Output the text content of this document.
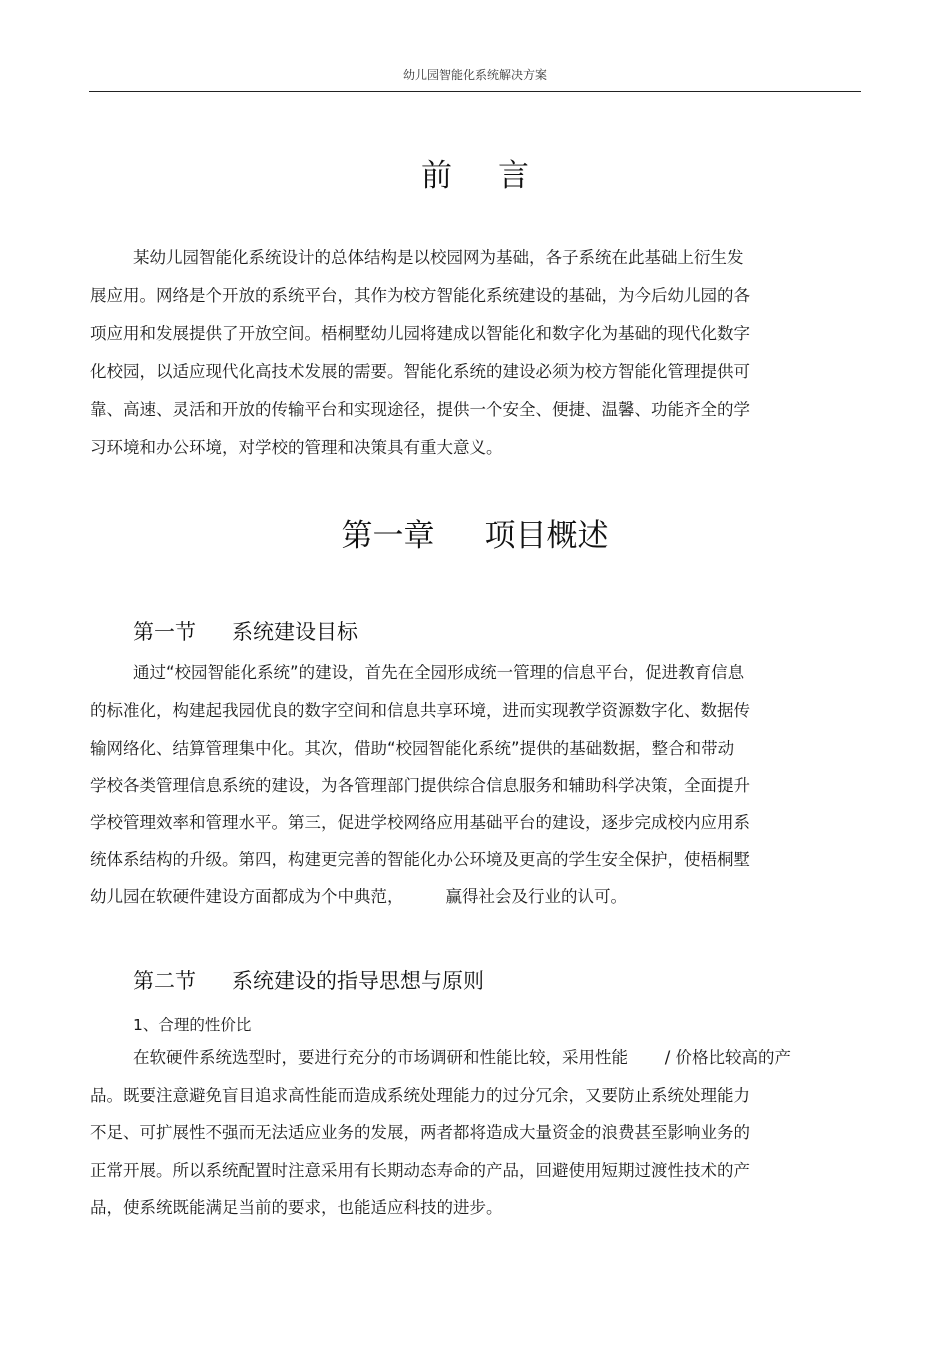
幼儿园智能化系统解决方案
前 言
某幼儿园智能化系统设计的总体结构是以校园网为基础，各子系统在此基础上衍生发
展应用。网络是个开放的系统平台，其作为校方智能化系统建设的基础，为今后幼儿园的各
项应用和发展提供了开放空间。梧桐墅幼儿园将建成以智能化和数字化为基础的现代化数字
化校园，以适应现代化高技术发展的需要。智能化系统的建设必须为校方智能化管理提供可
靠、高速、灵活和开放的传输平台和实现途径，提供一个安全、便捷、温馨、功能齐全的学
习环境和办公环境，对学校的管理和决策具有重大意义。
第一章 项目概述
第一节 系统建设目标
通过“校园智能化系统”的建设，首先在全园形成统一管理的信息平台，促进教育信息
的标准化，构建起我园优良的数字空间和信息共享环境，进而实现教学资源数字化、数据传
输网络化、结算管理集中化。其次，借助“校园智能化系统”提供的基础数据，整合和带动
学校各类管理信息系统的建设，为各管理部门提供综合信息服务和辅助科学决策，全面提升
学校管理效率和管理水平。第三，促进学校网络应用基础平台的建设，逐步完成校内应用系
统体系结构的升级。第四，构建更完善的智能化办公环境及更高的学生安全保护，使梧桐墅
幼儿园在软硬件建设方面都成为个中典范，        赢得社会及行业的认可。
第二节 系统建设的指导思想与原则
1、合理的性价比
在软硬件系统选型时，要进行充分的市场调研和性能比较，采用性能       / 价格比较高的产
品。既要注意避免盲目追求高性能而造成系统处理能力的过分冗余，又要防止系统处理能力
不足、可扩展性不强而无法适应业务的发展，两者都将造成大量资金的浪费甚至影响业务的
正常开展。所以系统配置时注意采用有长期动态寿命的产品，回避使用短期过渡性技术的产
品，使系统既能满足当前的要求，也能适应科技的进步。
